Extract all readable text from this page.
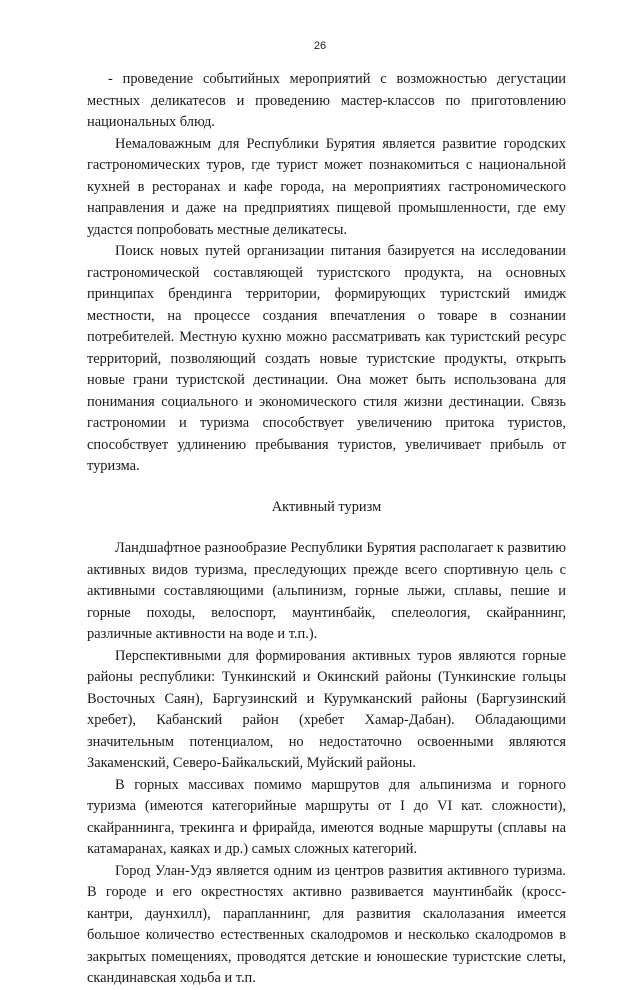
26

- проведение событийных мероприятий с возможностью дегустации местных деликатесов и проведению мастер-классов по приготовлению национальных блюд.

Немаловажным для Республики Бурятия является развитие городских гастрономических туров, где турист может познакомиться с национальной кухней в ресторанах и кафе города, на мероприятиях гастрономического направления и даже на предприятиях пищевой промышленности, где ему удастся попробовать местные деликатесы.

Поиск новых путей организации питания базируется на исследовании гастрономической составляющей туристского продукта, на основных принципах брендинга территории, формирующих туристский имидж местности, на процессе создания впечатления о товаре в сознании потребителей. Местную кухню можно рассматривать как туристский ресурс территорий, позволяющий создать новые туристские продукты, открыть новые грани туристской дестинации. Она может быть использована для понимания социального и экономического стиля жизни дестинации. Связь гастрономии и туризма способствует увеличению притока туристов, способствует удлинению пребывания туристов, увеличивает прибыль от туризма.

Активный туризм

Ландшафтное разнообразие Республики Бурятия располагает к развитию активных видов туризма, преследующих прежде всего спортивную цель с активными составляющими (альпинизм, горные лыжи, сплавы, пешие и горные походы, велоспорт, маунтинбайк, спелеология, скайраннинг, различные активности на воде и т.п.).

Перспективными для формирования активных туров являются горные районы республики: Тункинский и Окинский районы (Тункинские гольцы Восточных Саян), Баргузинский и Курумканский районы (Баргузинский хребет), Кабанский район (хребет Хамар-Дабан). Обладающими значительным потенциалом, но недостаточно освоенными являются Закаменский, Северо-Байкальский, Муйский районы.

В горных массивах помимо маршрутов для альпинизма и горного туризма (имеются категорийные маршруты от I до VI кат. сложности), скайраннинга, трекинга и фрирайда, имеются водные маршруты (сплавы на катамаранах, каяках и др.) самых сложных категорий.

Город Улан-Удэ является одним из центров развития активного туризма. В городе и его окрестностях активно развивается маунтинбайк (кросс-кантри, даунхилл), парапланнинг, для развития скалолазания имеется большое количество естественных скалодромов и несколько скалодромов в закрытых помещениях, проводятся детские и юношеские туристские слеты, скандинавская ходьба и т.п.
